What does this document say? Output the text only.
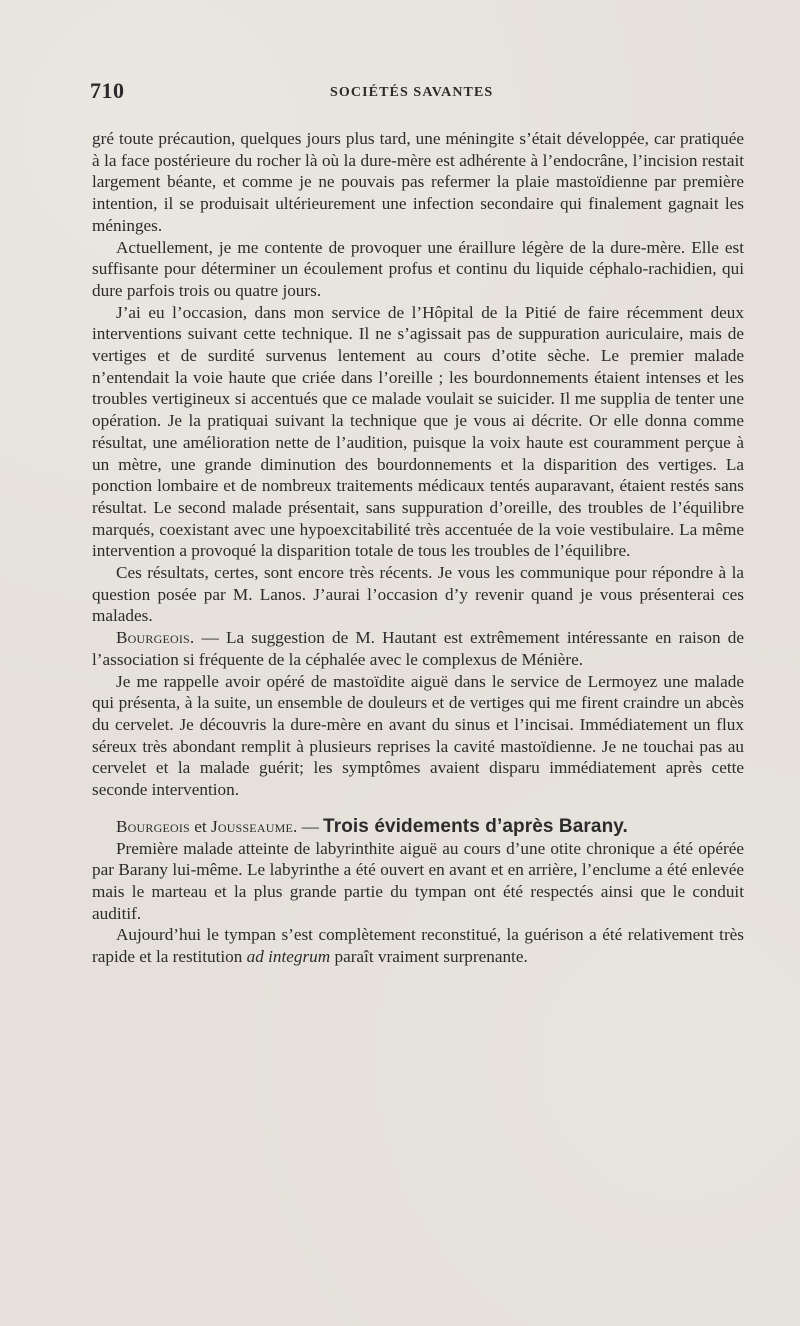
710	SOCIÉTÉS SAVANTES

gré toute précaution, quelques jours plus tard, une méningite s’était développée, car pratiquée à la face postérieure du rocher là où la dure-mère est adhérente à l’endocrâne, l’incision restait largement béante, et comme je ne pouvais pas refermer la plaie mastoïdienne par première intention, il se produisait ultérieurement une infection secondaire qui finalement gagnait les méninges.

Actuellement, je me contente de provoquer une éraillure légère de la dure-mère. Elle est suffisante pour déterminer un écoulement profus et continu du liquide céphalo-rachidien, qui dure parfois trois ou quatre jours.

J’ai eu l’occasion, dans mon service de l’Hôpital de la Pitié de faire récemment deux interventions suivant cette technique. Il ne s’agissait pas de suppuration auriculaire, mais de vertiges et de surdité survenus lentement au cours d’otite sèche. Le premier malade n’entendait la voie haute que criée dans l’oreille ; les bourdonnements étaient intenses et les troubles vertigineux si accentués que ce malade voulait se suicider. Il me supplia de tenter une opération. Je la pratiquai suivant la technique que je vous ai décrite. Or elle donna comme résultat, une amélioration nette de l’audition, puisque la voix haute est couramment perçue à un mètre, une grande diminution des bourdonnements et la disparition des vertiges. La ponction lombaire et de nombreux traitements médicaux tentés auparavant, étaient restés sans résultat. Le second malade présentait, sans suppuration d’oreille, des troubles de l’équilibre marqués, coexistant avec une hypoexcitabilité très accentuée de la voie vestibulaire. La même intervention a provoqué la disparition totale de tous les troubles de l’équilibre.

Ces résultats, certes, sont encore très récents. Je vous les communique pour répondre à la question posée par M. Lanos. J’aurai l’occasion d’y revenir quand je vous présenterai ces malades.

Bourgeois. — La suggestion de M. Hautant est extrêmement intéressante en raison de l’association si fréquente de la céphalée avec le complexus de Ménière.

Je me rappelle avoir opéré de mastoïdite aiguë dans le service de Lermoyez une malade qui présenta, à la suite, un ensemble de douleurs et de vertiges qui me firent craindre un abcès du cervelet. Je découvris la dure-mère en avant du sinus et l’incisai. Immédiatement un flux séreux très abondant remplit à plusieurs reprises la cavité mastoïdienne. Je ne touchai pas au cervelet et la malade guérit; les symptômes avaient disparu immédiatement après cette seconde intervention.

Bourgeois et Jousseaume. — Trois évidements d’après Barany.

Première malade atteinte de labyrinthite aiguë au cours d’une otite chronique a été opérée par Barany lui-même. Le labyrinthe a été ouvert en avant et en arrière, l’enclume a été enlevée mais le marteau et la plus grande partie du tympan ont été respectés ainsi que le conduit auditif.

Aujourd’hui le tympan s’est complètement reconstitué, la guérison a été relativement très rapide et la restitution ad integrum paraît vraiment surprenante.
